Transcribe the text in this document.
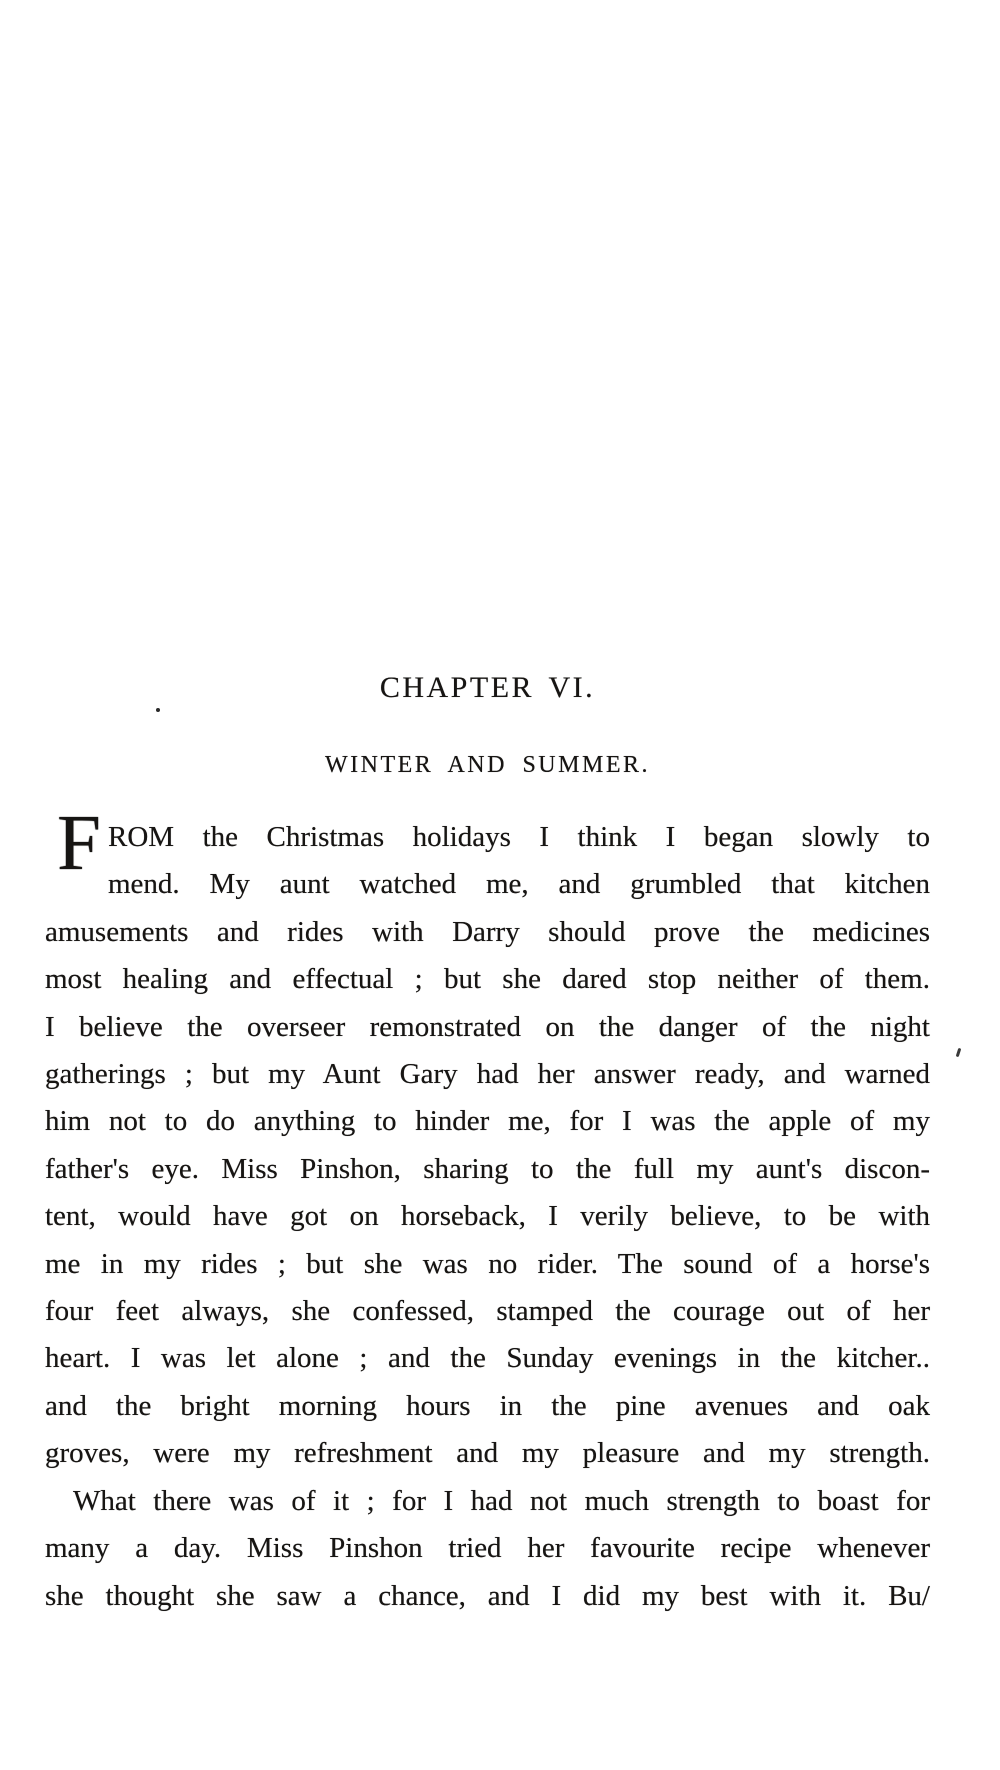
CHAPTER VI.
WINTER AND SUMMER.
F ROM the Christmas holidays I think I began slowly to
mend. My aunt watched me, and grumbled that kitchen
amusements and rides with Darry should prove the medicines
most healing and effectual ; but she dared stop neither of them.
I believe the overseer remonstrated on the danger of the night
gatherings ; but my Aunt Gary had her answer ready, and warned
him not to do anything to hinder me, for I was the apple of my
father's eye. Miss Pinshon, sharing to the full my aunt's discon-
tent, would have got on horseback, I verily believe, to be with
me in my rides ; but she was no rider. The sound of a horse's
four feet always, she confessed, stamped the courage out of her
heart. I was let alone ; and the Sunday evenings in the kitcher..
and the bright morning hours in the pine avenues and oak
groves, were my refreshment and my pleasure and my strength.
What there was of it ; for I had not much strength to boast for
many a day. Miss Pinshon tried her favourite recipe whenever
she thought she saw a chance, and I did my best with it. Bu/
